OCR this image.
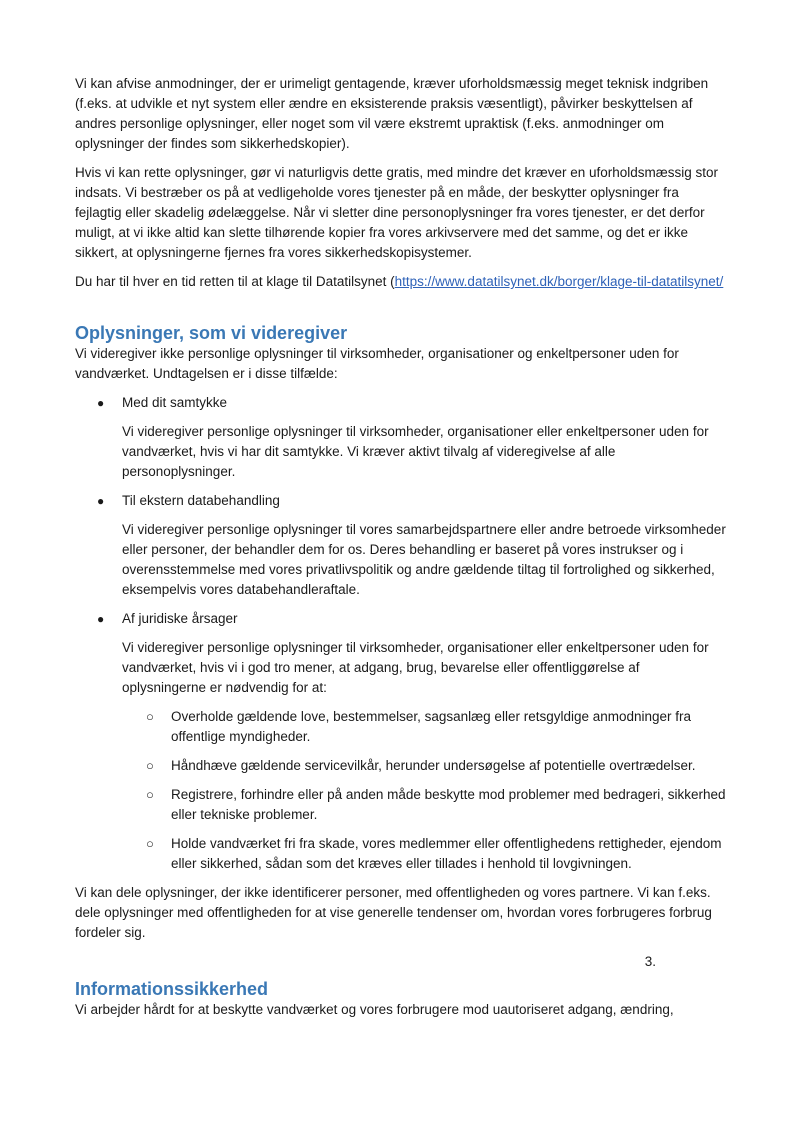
Vi kan afvise anmodninger, der er urimeligt gentagende, kræver uforholdsmæssig meget teknisk indgriben (f.eks. at udvikle et nyt system eller ændre en eksisterende praksis væsentligt), påvirker beskyttelsen af andres personlige oplysninger, eller noget som vil være ekstremt upraktisk (f.eks. anmodninger om oplysninger der findes som sikkerhedskopier).

Hvis vi kan rette oplysninger, gør vi naturligvis dette gratis, med mindre det kræver en uforholdsmæssig stor indsats. Vi bestræber os på at vedligeholde vores tjenester på en måde, der beskytter oplysninger fra fejlagtig eller skadelig ødelæggelse. Når vi sletter dine personoplysninger fra vores tjenester, er det derfor muligt, at vi ikke altid kan slette tilhørende kopier fra vores arkivservere med det samme, og det er ikke sikkert, at oplysningerne fjernes fra vores sikkerhedskopisystemer.

Du har til hver en tid retten til at klage til Datatilsynet (https://www.datatilsynet.dk/borger/klage-til-datatilsynet/

Oplysninger, som vi videregiver

Vi videregiver ikke personlige oplysninger til virksomheder, organisationer og enkeltpersoner uden for vandværket. Undtagelsen er i disse tilfælde:

● Med dit samtykke
Vi videregiver personlige oplysninger til virksomheder, organisationer eller enkeltpersoner uden for vandværket, hvis vi har dit samtykke. Vi kræver aktivt tilvalg af videregivelse af alle personoplysninger.
● Til ekstern databehandling
Vi videregiver personlige oplysninger til vores samarbejdspartnere eller andre betroede virksomheder eller personer, der behandler dem for os. Deres behandling er baseret på vores instrukser og i overensstemmelse med vores privatlivspolitik og andre gældende tiltag til fortrolighed og sikkerhed, eksempelvis vores databehandleraftale.
● Af juridiske årsager
Vi videregiver personlige oplysninger til virksomheder, organisationer eller enkeltpersoner uden for vandværket, hvis vi i god tro mener, at adgang, brug, bevarelse eller offentliggørelse af oplysningerne er nødvendig for at:
○ Overholde gældende love, bestemmelser, sagsanlæg eller retsgyldige anmodninger fra offentlige myndigheder.
○ Håndhæve gældende servicevilkår, herunder undersøgelse af potentielle overtrædelser.
○ Registrere, forhindre eller på anden måde beskytte mod problemer med bedrageri, sikkerhed eller tekniske problemer.
○ Holde vandværket fri fra skade, vores medlemmer eller offentlighedens rettigheder, ejendom eller sikkerhed, sådan som det kræves eller tillades i henhold til lovgivningen.

Vi kan dele oplysninger, der ikke identificerer personer, med offentligheden og vores partnere. Vi kan f.eks. dele oplysninger med offentligheden for at vise generelle tendenser om, hvordan vores forbrugeres forbrug fordeler sig.

3.

Informationssikkerhed

Vi arbejder hårdt for at beskytte vandværket og vores forbrugere mod uautoriseret adgang, ændring,
